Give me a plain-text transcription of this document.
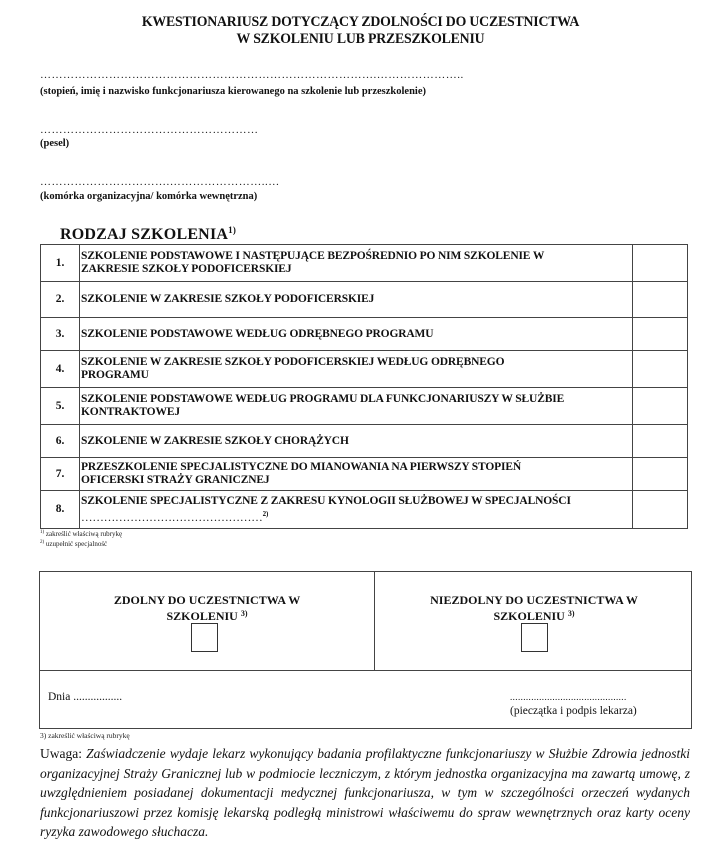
KWESTIONARIUSZ DOTYCZĄCY ZDOLNOŚCI DO UCZESTNICTWA
W SZKOLENIU LUB PRZESZKOLENIU
…………………………………………………………………………….…………………..
(stopień, imię i nazwisko funkcjonariusza kierowanego na szkolenie lub przeszkolenie)
…………………………………………………
(pesel)
…………………………….……………………..…
(komórka organizacyjna/ komórka wewnętrzna)
RODZAJ SZKOLENIA$^{1)}$
1.	SZKOLENIE PODSTAWOWE I NASTĘPUJĄCE BEZPOŚREDNIO PO NIM SZKOLENIE W
ZAKRESIE SZKOŁY PODOFICERSKIEJ	

2.	SZKOLENIE W ZAKRESIE SZKOŁY PODOFICERSKIEJ	

3.	SZKOLENIE PODSTAWOWE WEDŁUG ODRĘBNEGO PROGRAMU	

4.	SZKOLENIE W ZAKRESIE SZKOŁY PODOFICERSKIEJ WEDŁUG ODRĘBNEGO
PROGRAMU	

5.	SZKOLENIE PODSTAWOWE WEDŁUG PROGRAMU DLA FUNKCJONARIUSZY W SŁUŻBIE
KONTRAKTOWEJ	

6.	SZKOLENIE W ZAKRESIE SZKOŁY CHORĄŻYCH	

7.	PRZESZKOLENIE SPECJALISTYCZNE DO MIANOWANIA NA PIERWSZY STOPIEŃ
OFICERSKI STRAŻY GRANICZNEJ	

8.	SZKOLENIE SPECJALISTYCZNE Z ZAKRESU KYNOLOGII SŁUŻBOWEJ W SPECJALNOŚCI
…………………………………………$^{2)}$

$^{1)}$ zakreślić właściwą rubrykę
$^{2)}$ uzupełnić specjalność
ZDOLNY DO UCZESTNICTWA W
SZKOLENIU $^{3)}$
NIEZDOLNY DO UCZESTNICTWA W
SZKOLENIU $^{3)}$
Dnia .................	............................................
(pieczątka i podpis lekarza)
3) zakreślić właściwą rubrykę
Uwaga: Zaświadczenie wydaje lekarz wykonujący badania profilaktyczne funkcjonariuszy w Służbie Zdrowia jednostki organizacyjnej Straży Granicznej lub w podmiocie leczniczym, z którym jednostka organizacyjna ma zawartą umowę, z uwzględnieniem posiadanej dokumentacji medycznej funkcjonariusza, w tym w szczególności orzeczeń wydanych funkcjonariuszowi przez komisję lekarską podległą ministrowi właściwemu do spraw wewnętrznych oraz karty oceny ryzyka zawodowego słuchacza.
